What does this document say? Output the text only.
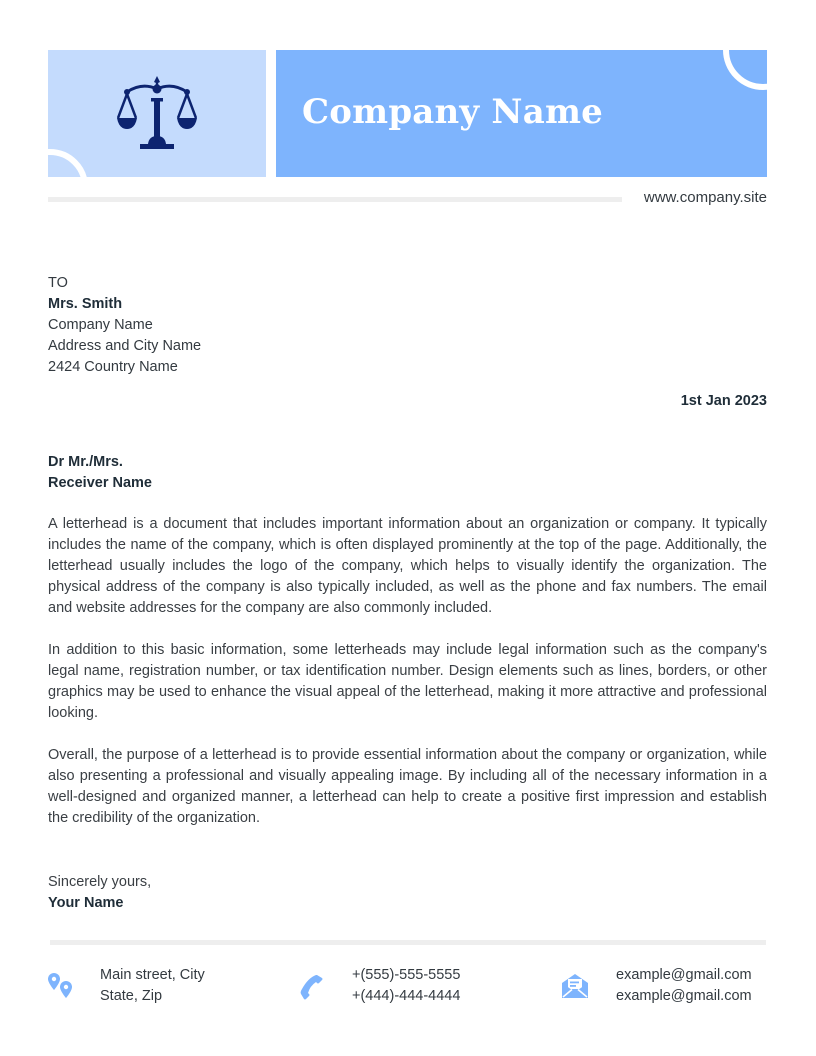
Company Name
www.company.site
TO
Mrs. Smith
Company Name
Address and City Name
2424 Country Name
1st Jan 2023
Dr Mr./Mrs.
Receiver Name

A letterhead is a document that includes important information about an organization or company. It typically includes the name of the company, which is often displayed prominently at the top of the page. Additionally, the letterhead usually includes the logo of the company, which helps to visually identify the organization. The physical address of the company is also typically included, as well as the phone and fax numbers. The email and website addresses for the company are also commonly included.

In addition to this basic information, some letterheads may include legal information such as the company's legal name, registration number, or tax identification number. Design elements such as lines, borders, or other graphics may be used to enhance the visual appeal of the letterhead, making it more attractive and professional looking.

Overall, the purpose of a letterhead is to provide essential information about the company or organization, while also presenting a professional and visually appealing image. By including all of the necessary information in a well-designed and organized manner, a letterhead can help to create a positive first impression and establish the credibility of the organization.

Sincerely yours,
Your Name
Main street, City
State, Zip
+(555)-555-5555
+(444)-444-4444
example@gmail.com
example@gmail.com
